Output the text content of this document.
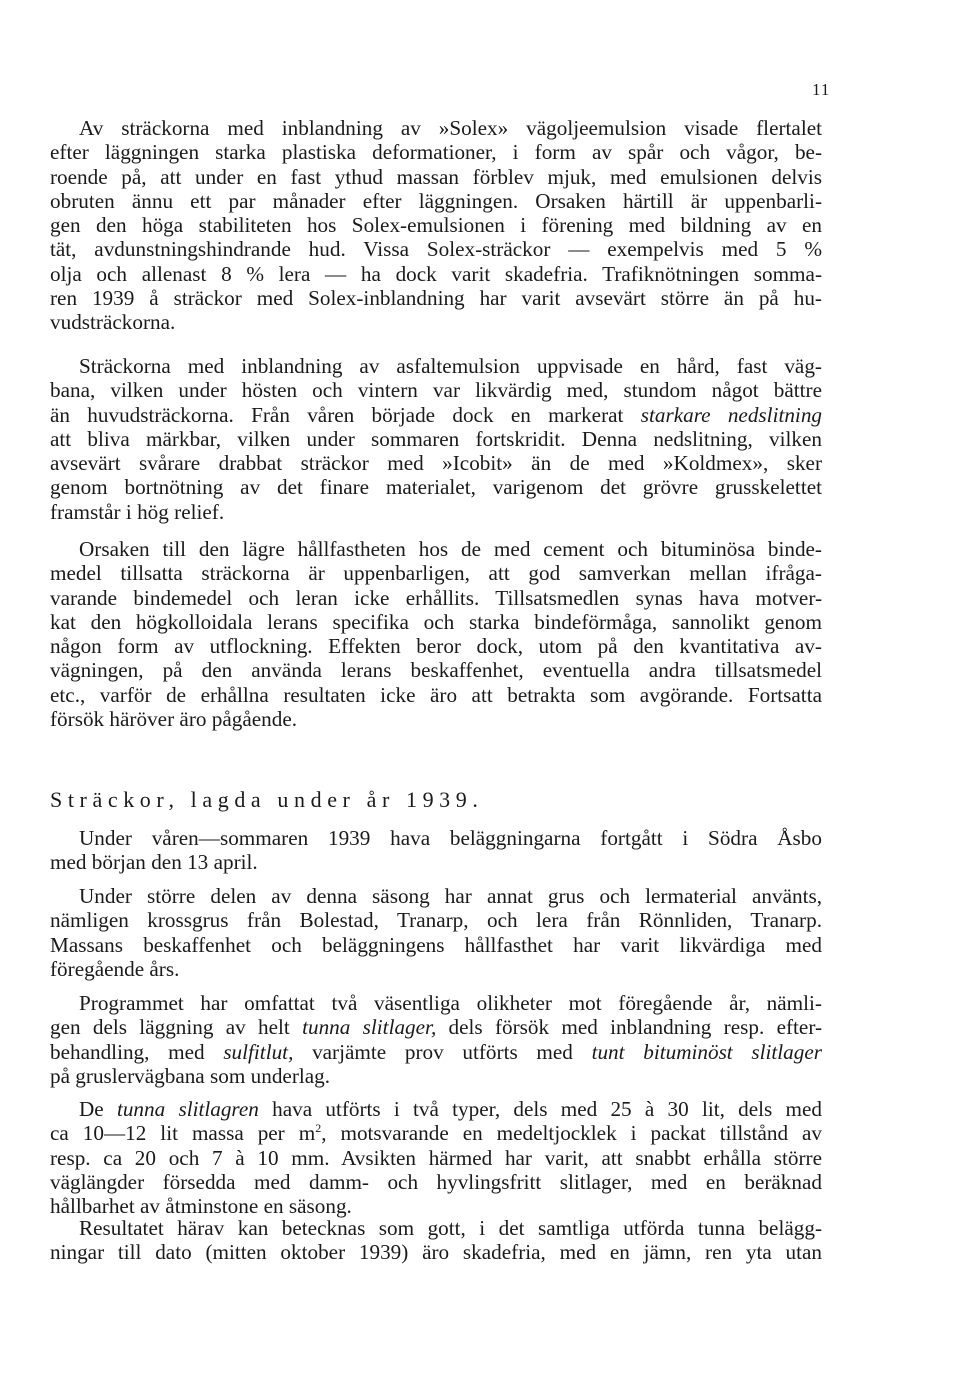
11
Av sträckorna med inblandning av »Solex» vägoljeemulsion visade flertalet
efter läggningen starka plastiska deformationer, i form av spår och vågor, be-
roende på, att under en fast ythud massan förblev mjuk, med emulsionen delvis
obruten ännu ett par månader efter läggningen. Orsaken härtill är uppenbarli-
gen den höga stabiliteten hos Solex-emulsionen i förening med bildning av en
tät, avdunstningshindrande hud. Vissa Solex-sträckor — exempelvis med 5 %
olja och allenast 8 % lera — ha dock varit skadefria. Trafiknötningen somma-
ren 1939 å sträckor med Solex-inblandning har varit avsevärt större än på hu-
vudsträckorna.
Sträckorna med inblandning av asfaltemulsion uppvisade en hård, fast väg-
bana, vilken under hösten och vintern var likvärdig med, stundom något bättre
än huvudsträckorna. Från våren började dock en markerat starkare nedslitning
att bliva märkbar, vilken under sommaren fortskridit. Denna nedslitning, vilken
avsevärt svårare drabbat sträckor med »Icobit» än de med »Koldmex», sker
genom bortnötning av det finare materialet, varigenom det grövre grusskelettet
framstår i hög relief.
Orsaken till den lägre hållfastheten hos de med cement och bituminösa binde-
medel tillsatta sträckorna är uppenbarligen, att god samverkan mellan ifråga-
varande bindemedel och leran icke erhållits. Tillsatsmedlen synas hava motver-
kat den högkolloidala lerans specifika och starka bindeförmåga, sannolikt genom
någon form av utflockning. Effekten beror dock, utom på den kvantitativa av-
vägningen, på den använda lerans beskaffenhet, eventuella andra tillsatsmedel
etc., varför de erhållna resultaten icke äro att betrakta som avgörande. Fortsatta
försök häröver äro pågående.
Sträckor, lagda under år 1939.
Under våren—sommaren 1939 hava beläggningarna fortgått i Södra Åsbo
med början den 13 april.
Under större delen av denna säsong har annat grus och lermaterial använts,
nämligen krossgrus från Bolestad, Tranarp, och lera från Rönnliden, Tranarp.
Massans beskaffenhet och beläggningens hållfasthet har varit likvärdiga med
föregående års.
Programmet har omfattat två väsentliga olikheter mot föregående år, nämli-
gen dels läggning av helt tunna slitlager, dels försök med inblandning resp. efter-
behandling, med sulfitlut, varjämte prov utförts med tunt bituminöst slitlager
på gruslervägbana som underlag.
De tunna slitlagren hava utförts i två typer, dels med 25 à 30 lit, dels med
ca 10—12 lit massa per $m^2$, motsvarande en medeltjocklek i packat tillstånd av
resp. ca 20 och 7 à 10 mm. Avsikten härmed har varit, att snabbt erhålla större
väglängder försedda med damm- och hyvlingsfritt slitlager, med en beräknad
hållbarhet av åtminstone en säsong.
Resultatet härav kan betecknas som gott, i det samtliga utförda tunna belägg-
ningar till dato (mitten oktober 1939) äro skadefria, med en jämn, ren yta utan
